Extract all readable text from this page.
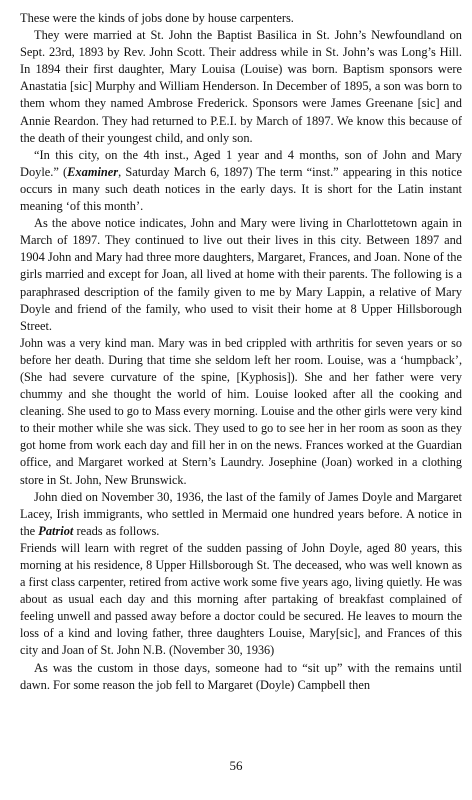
These were the kinds of jobs done by house carpenters.

They were married at St. John the Baptist Basilica in St. John’s Newfoundland on Sept. 23rd, 1893 by Rev. John Scott. Their address while in St. John’s was Long’s Hill. In 1894 their first daughter, Mary Louisa (Louise) was born. Baptism sponsors were Anastatia [sic] Murphy and William Henderson. In December of 1895, a son was born to them whom they named Ambrose Frederick. Sponsors were James Greenane [sic] and Annie Reardon. They had returned to P.E.I. by March of 1897. We know this because of the death of their youngest child, and only son.

“In this city, on the 4th inst., Aged 1 year and 4 months, son of John and Mary Doyle.” (Examiner, Saturday March 6, 1897) The term “inst.” appearing in this notice occurs in many such death notices in the early days. It is short for the Latin instant meaning ‘of this month’.

As the above notice indicates, John and Mary were living in Charlottetown again in March of 1897. They continued to live out their lives in this city. Between 1897 and 1904 John and Mary had three more daughters, Margaret, Frances, and Joan. None of the girls married and except for Joan, all lived at home with their parents. The following is a paraphrased description of the family given to me by Mary Lappin, a relative of Mary Doyle and friend of the family, who used to visit their home at 8 Upper Hillsborough Street.

John was a very kind man. Mary was in bed crippled with arthritis for seven years or so before her death. During that time she seldom left her room. Louise, was a ‘humpback’, (She had severe curvature of the spine, [Kyphosis]). She and her father were very chummy and she thought the world of him. Louise looked after all the cooking and cleaning. She used to go to Mass every morning. Louise and the other girls were very kind to their mother while she was sick. They used to go to see her in her room as soon as they got home from work each day and fill her in on the news. Frances worked at the Guardian office, and Margaret worked at Stern’s Laundry. Josephine (Joan) worked in a clothing store in St. John, New Brunswick.

John died on November 30, 1936, the last of the family of James Doyle and Margaret Lacey, Irish immigrants, who settled in Mermaid one hundred years before. A notice in the Patriot reads as follows.

Friends will learn with regret of the sudden passing of John Doyle, aged 80 years, this morning at his residence, 8 Upper Hillsborough St. The deceased, who was well known as a first class carpenter, retired from active work some five years ago, living quietly. He was about as usual each day and this morning after partaking of breakfast complained of feeling unwell and passed away before a doctor could be secured. He leaves to mourn the loss of a kind and loving father, three daughters Louise, Mary[sic], and Frances of this city and Joan of St. John N.B. (November 30, 1936)

As was the custom in those days, someone had to “sit up” with the remains until dawn. For some reason the job fell to Margaret (Doyle) Campbell then

56
